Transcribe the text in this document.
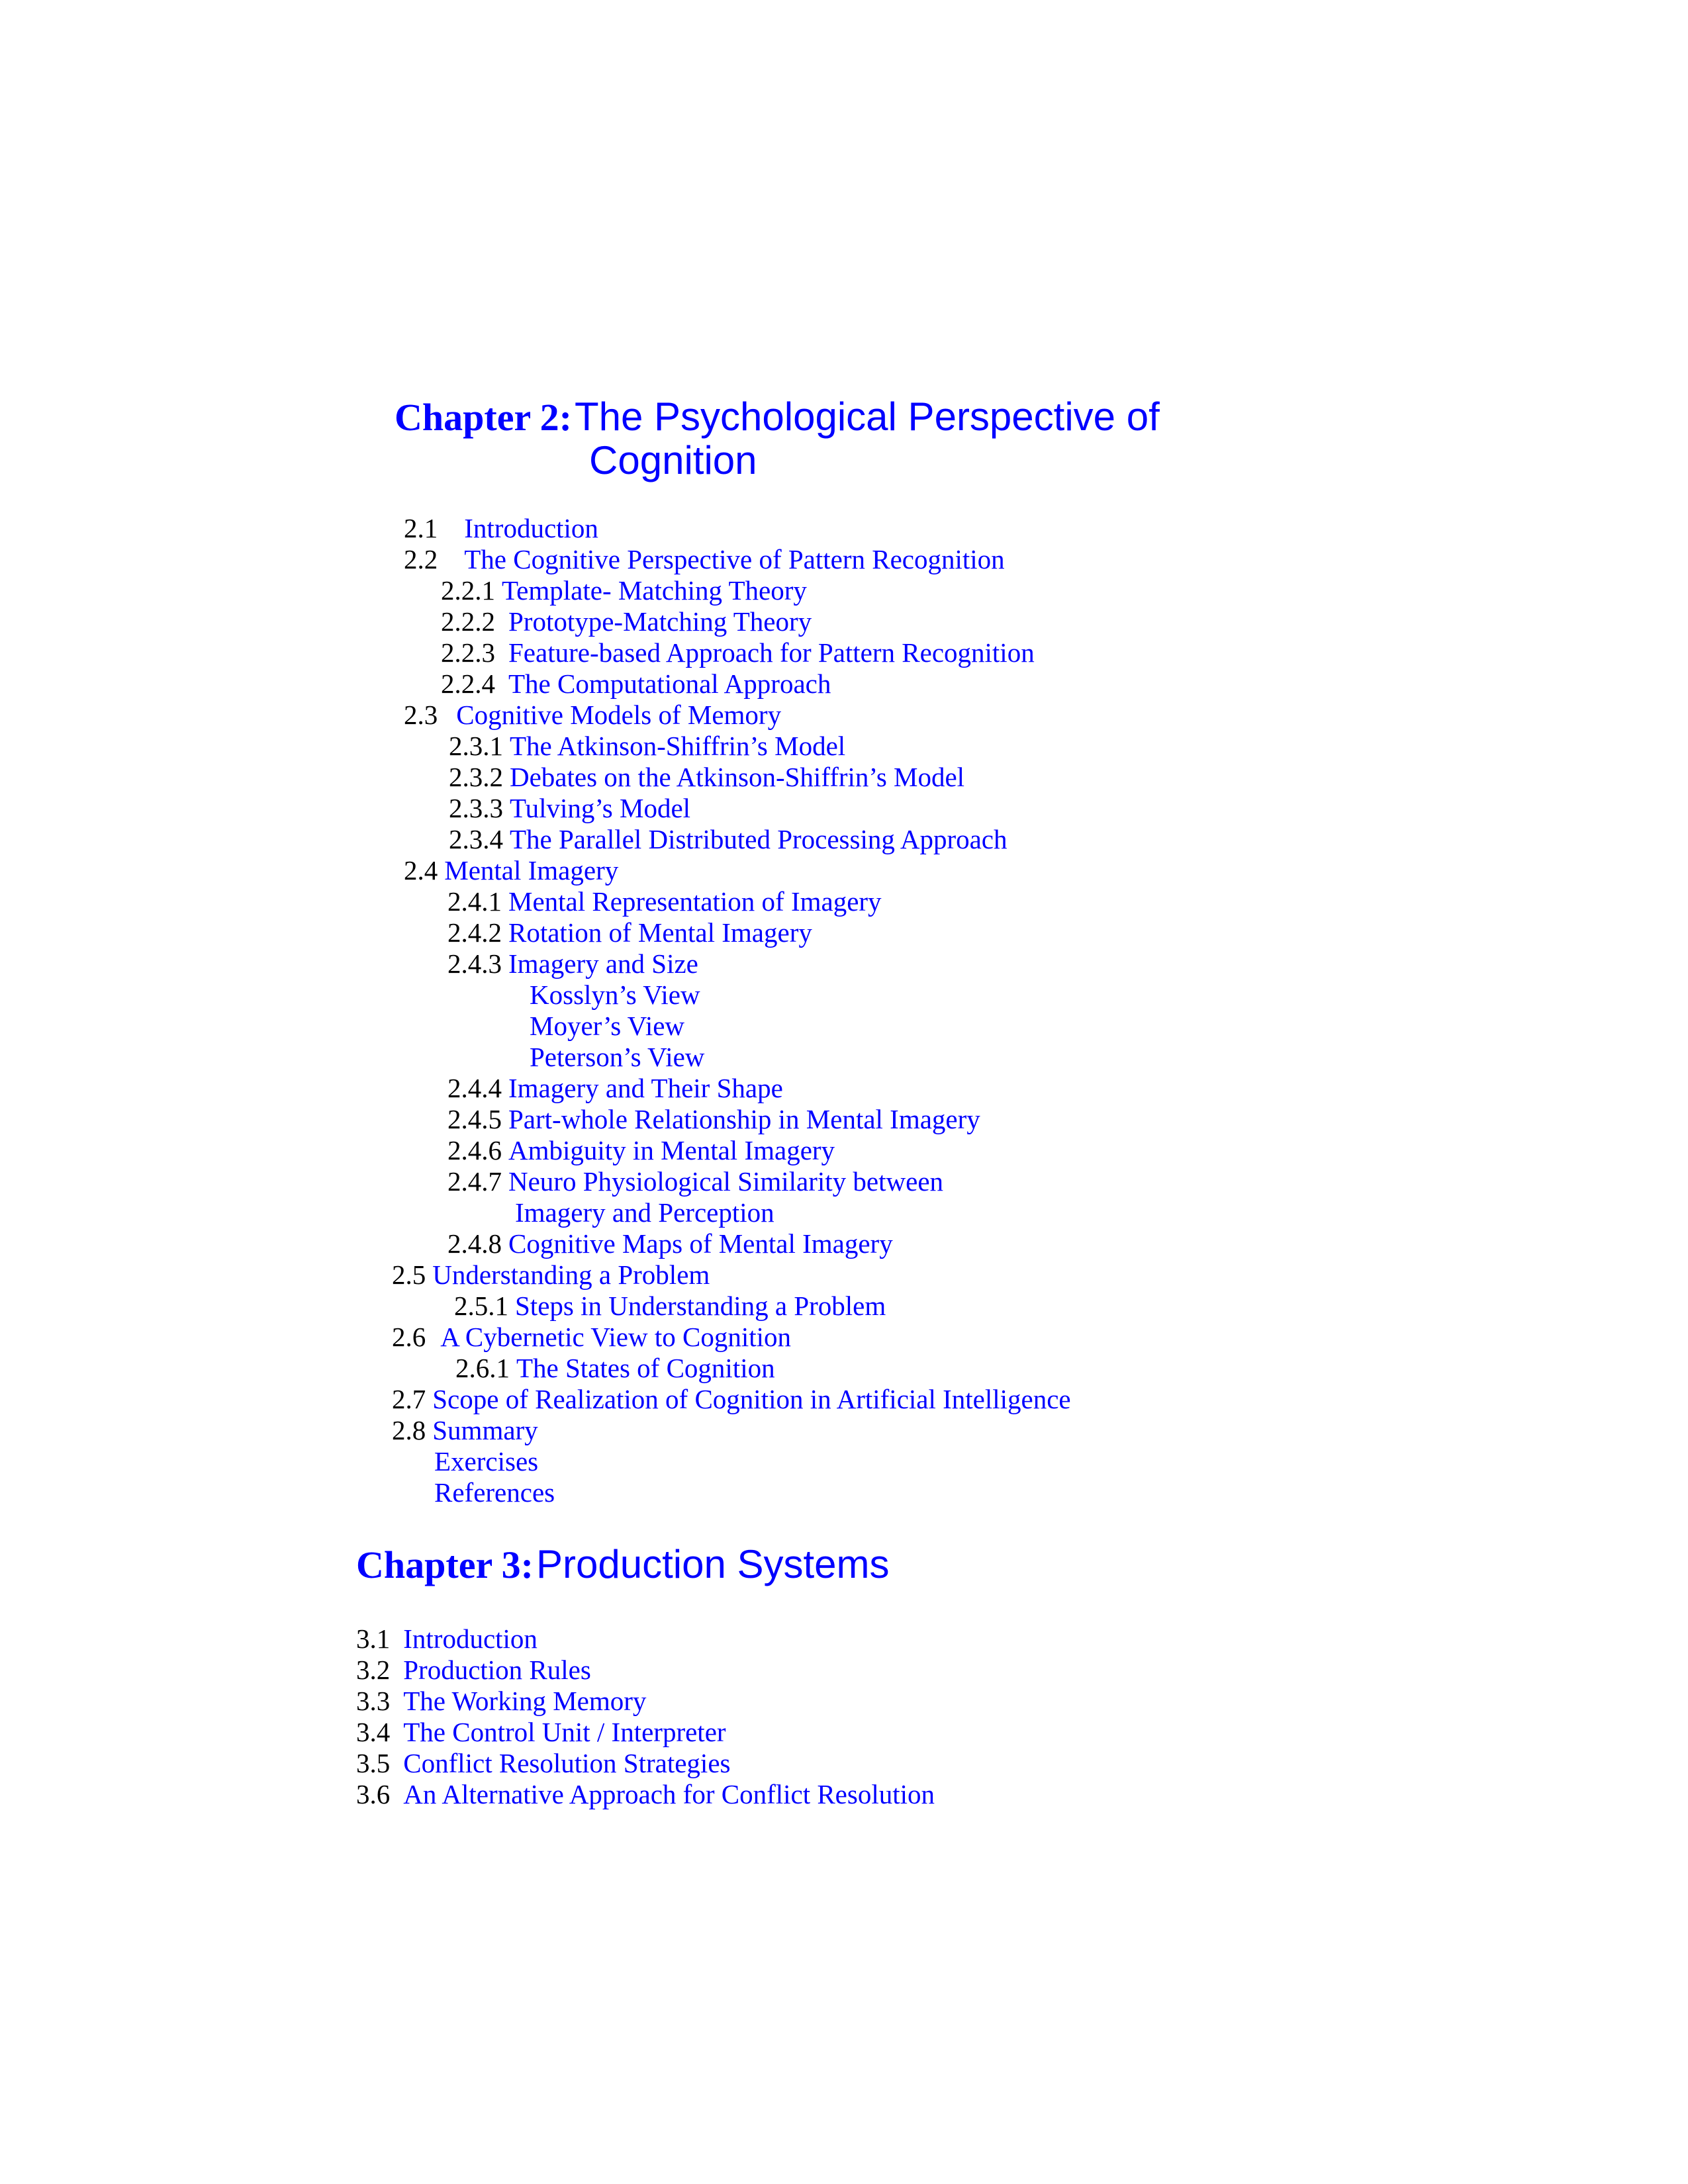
Chapter 2: The Psychological Perspective of
Cognition
2.1 Introduction
2.2 The Cognitive Perspective of Pattern Recognition
2.2.1 Template- Matching Theory
2.2.2 Prototype-Matching Theory
2.2.3 Feature-based Approach for Pattern Recognition
2.2.4 The Computational Approach
2.3 Cognitive Models of Memory
2.3.1 The Atkinson-Shiffrin’s Model
2.3.2 Debates on the Atkinson-Shiffrin’s Model
2.3.3 Tulving’s Model
2.3.4 The Parallel Distributed Processing Approach
2.4 Mental Imagery
2.4.1 Mental Representation of Imagery
2.4.2 Rotation of Mental Imagery
2.4.3 Imagery and Size
Kosslyn’s View
Moyer’s View
Peterson’s View
2.4.4 Imagery and Their Shape
2.4.5 Part-whole Relationship in Mental Imagery
2.4.6 Ambiguity in Mental Imagery
2.4.7 Neuro Physiological Similarity between
Imagery and Perception
2.4.8 Cognitive Maps of Mental Imagery
2.5 Understanding a Problem
2.5.1 Steps in Understanding a Problem
2.6 A Cybernetic View to Cognition
2.6.1 The States of Cognition
2.7 Scope of Realization of Cognition in Artificial Intelligence
2.8 Summary
Exercises
References
Chapter 3: Production Systems
3.1 Introduction
3.2 Production Rules
3.3 The Working Memory
3.4 The Control Unit / Interpreter
3.5 Conflict Resolution Strategies
3.6 An Alternative Approach for Conflict Resolution
